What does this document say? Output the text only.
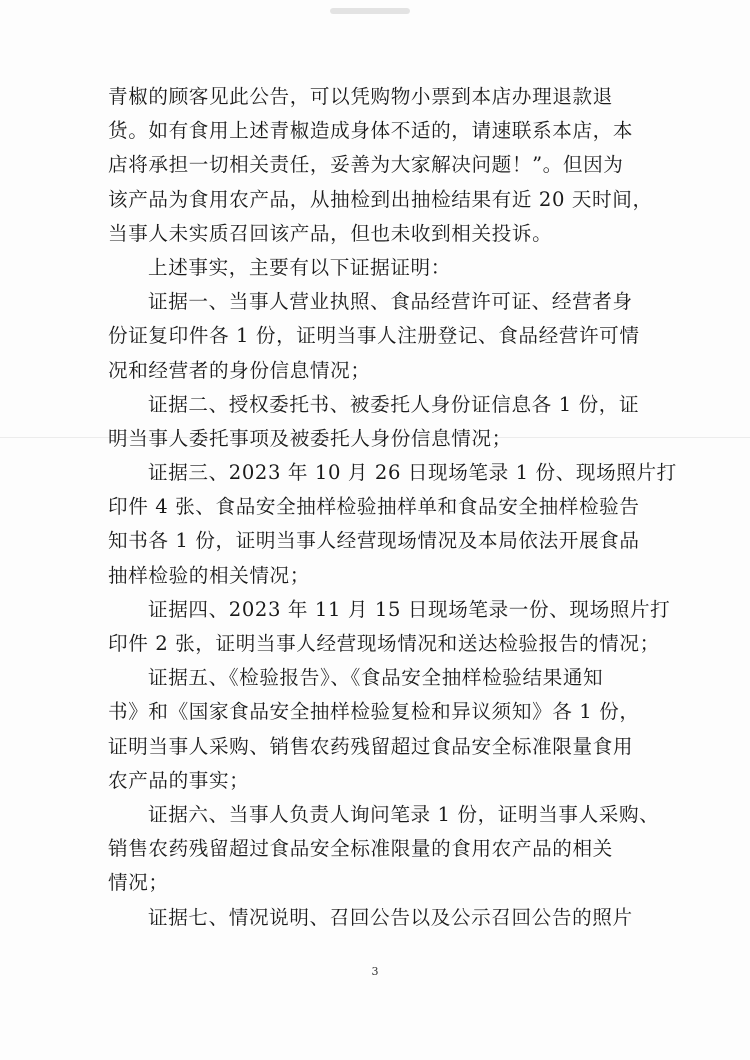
青椒的顾客见此公告，可以凭购物小票到本店办理退款退
货。如有食用上述青椒造成身体不适的，请速联系本店，本
店将承担一切相关责任，妥善为大家解决问题！”。但因为
该产品为食用农产品，从抽检到出抽检结果有近 20 天时间，
当事人未实质召回该产品，但也未收到相关投诉。
上述事实，主要有以下证据证明：
证据一、当事人营业执照、食品经营许可证、经营者身
份证复印件各 1 份，证明当事人注册登记、食品经营许可情
况和经营者的身份信息情况；
证据二、授权委托书、被委托人身份证信息各 1 份，证
明当事人委托事项及被委托人身份信息情况；
证据三、2023 年 10 月 26 日现场笔录 1 份、现场照片打
印件 4 张、食品安全抽样检验抽样单和食品安全抽样检验告
知书各 1 份，证明当事人经营现场情况及本局依法开展食品
抽样检验的相关情况；
证据四、2023 年 11 月 15 日现场笔录一份、现场照片打
印件 2 张，证明当事人经营现场情况和送达检验报告的情况；
证据五、《检验报告》、《食品安全抽样检验结果通知
书》和《国家食品安全抽样检验复检和异议须知》各 1 份，
证明当事人采购、销售农药残留超过食品安全标准限量食用
农产品的事实；
证据六、当事人负责人询问笔录 1 份，证明当事人采购、
销售农药残留超过食品安全标准限量的食用农产品的相关
情况；
证据七、情况说明、召回公告以及公示召回公告的照片
3
